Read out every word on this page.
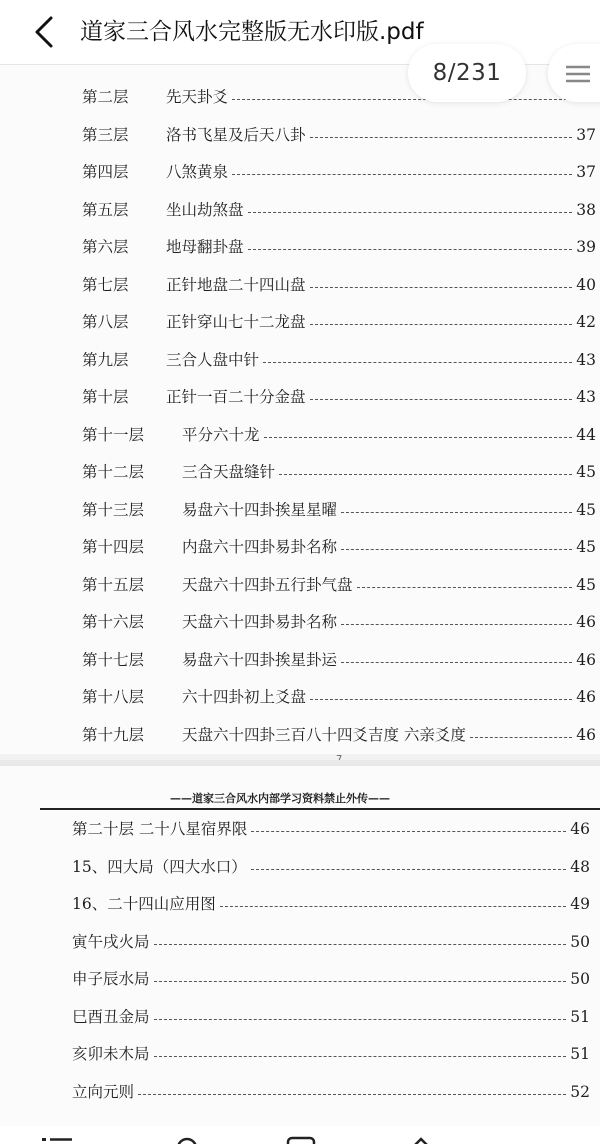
道家三合风水完整版无水印版.pdf
第二层	先天卦爻
第三层	洛书飞星及后天八卦	37
第四层	八煞黄泉	37
第五层	坐山劫煞盘	38
第六层	地母翻卦盘	39
第七层	正针地盘二十四山盘	40
第八层	正针穿山七十二龙盘	42
第九层	三合人盘中针	43
第十层	正针一百二十分金盘	43
第十一层	平分六十龙	44
第十二层	三合天盘缝针	45
第十三层	易盘六十四卦挨星星曜	45
第十四层	内盘六十四卦易卦名称	45
第十五层	天盘六十四卦五行卦气盘	45
第十六层	天盘六十四卦易卦名称	46
第十七层	易盘六十四卦挨星卦运	46
第十八层	六十四卦初上爻盘	46
第十九层	天盘六十四卦三百八十四爻吉度 六亲爻度	46
——道家三合风水内部学习资料禁止外传——
第二十层 二十八星宿界限	46
15、四大局（四大水口）	48
16、二十四山应用图	49
寅午戌火局	50
申子辰水局	50
巳酉丑金局	51
亥卯未木局	51
立向元则	52
8/231
